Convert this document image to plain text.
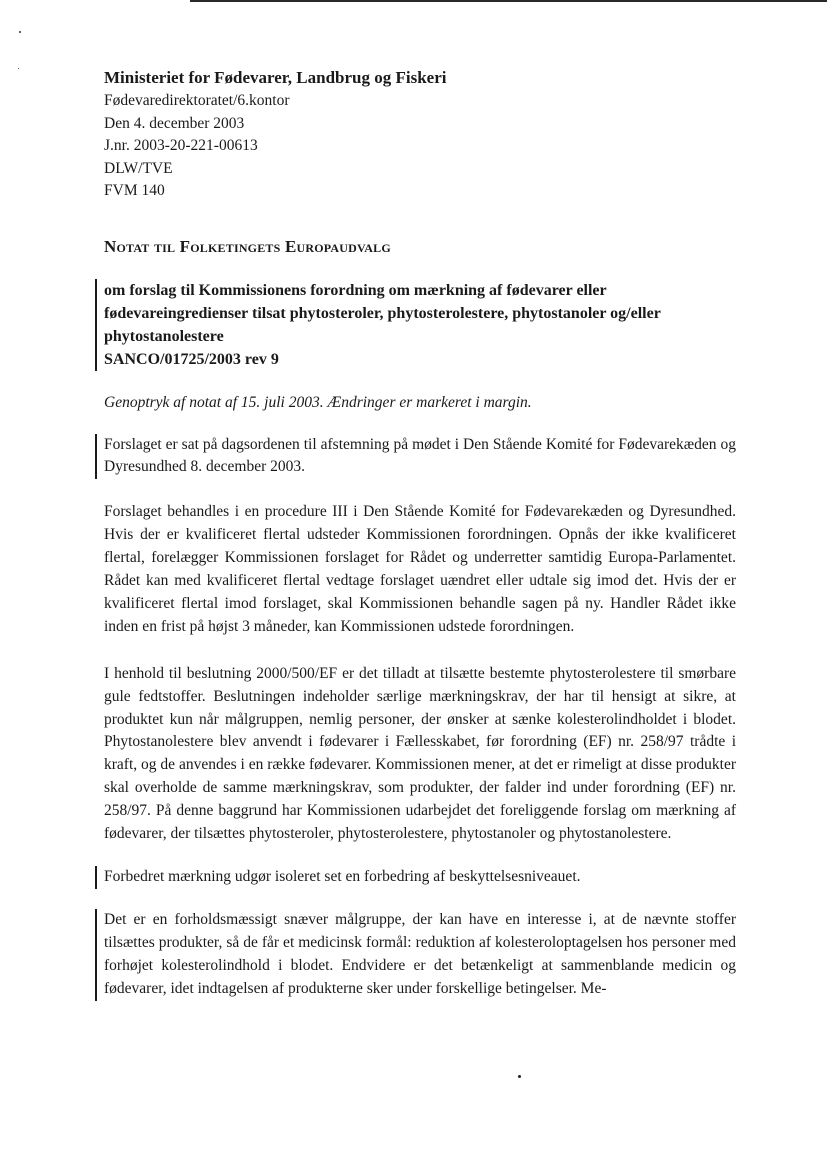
Ministeriet for Fødevarer, Landbrug og Fiskeri
Fødevaredirektoratet/6.kontor
Den 4. december 2003
J.nr. 2003-20-221-00613
DLW/TVE
FVM 140
Notat til Folketingets Europaudvalg
om forslag til Kommissionens forordning om mærkning af fødevarer eller fødevareingredienser tilsat phytosteroler, phytosterolestere, phytostanoler og/eller phytostanolestere
SANCO/01725/2003 rev 9
Genoptryk af notat af 15. juli 2003. Ændringer er markeret i margin.
Forslaget er sat på dagsordenen til afstemning på mødet i Den Stående Komité for Fødevarekæden og Dyresundhed 8. december 2003.
Forslaget behandles i en procedure III i Den Stående Komité for Fødevarekæden og Dyresundhed. Hvis der er kvalificeret flertal udsteder Kommissionen forordningen. Opnås der ikke kvalificeret flertal, forelægger Kommissionen forslaget for Rådet og underretter samtidig Europa-Parlamentet. Rådet kan med kvalificeret flertal vedtage forslaget uændret eller udtale sig imod det. Hvis der er kvalificeret flertal imod forslaget, skal Kommissionen behandle sagen på ny. Handler Rådet ikke inden en frist på højst 3 måneder, kan Kommissionen udstede forordningen.
I henhold til beslutning 2000/500/EF er det tilladt at tilsætte bestemte phytosterolestere til smørbare gule fedtstoffer. Beslutningen indeholder særlige mærkningskrav, der har til hensigt at sikre, at produktet kun når målgruppen, nemlig personer, der ønsker at sænke kolesterolindholdet i blodet. Phytostanolestere blev anvendt i fødevarer i Fællesskabet, før forordning (EF) nr. 258/97 trådte i kraft, og de anvendes i en række fødevarer. Kommissionen mener, at det er rimeligt at disse produkter skal overholde de samme mærkningskrav, som produkter, der falder ind under forordning (EF) nr. 258/97. På denne baggrund har Kommissionen udarbejdet det foreliggende forslag om mærkning af fødevarer, der tilsættes phytosteroler, phytosterolestere, phytostanoler og phytostanolestere.
Forbedret mærkning udgør isoleret set en forbedring af beskyttelsesniveauet.
Det er en forholdsmæssigt snæver målgruppe, der kan have en interesse i, at de nævnte stoffer tilsættes produkter, så de får et medicinsk formål: reduktion af kolesteroloptagelsen hos personer med forhøjet kolesterolindhold i blodet. Endvidere er det betænkeligt at sammenblande medicin og fødevarer, idet indtagelsen af produkterne sker under forskellige betingelser. Me-
